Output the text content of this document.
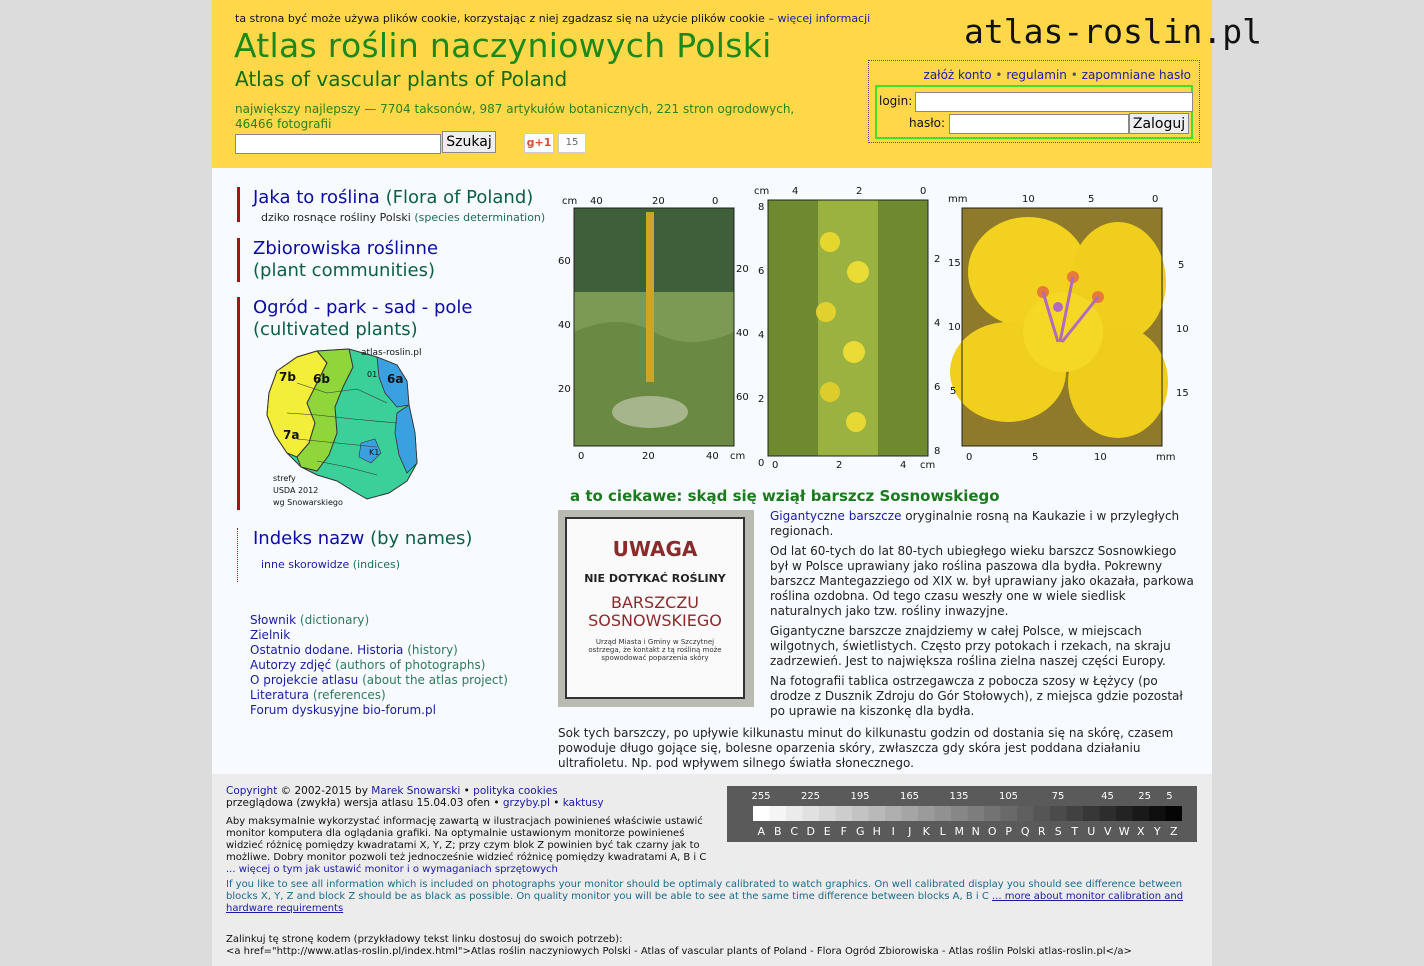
ta strona być może używa plików cookie, korzystając z niej zgadzasz się na użycie plików cookie – więcej informacji
Atlas roślin naczyniowych Polski
Atlas of vascular plants of Poland
największy najlepszy — 7704 taksonów, 987 artykułów botanicznych, 221 stron ogrodowych, 46466 fotografii
Szukaj	g+1	15
atlas-roslin.pl
załóż konto • regulamin • zapomniane hasło
login:
hasło:	Zaloguj
Jaka to roślina (Flora of Poland)
dziko rosnące rośliny Polski (species determination)
Zbiorowiska roślinne
(plant communities)
Ogród - park - sad - pole
(cultivated plants)
atlas-roslin.pl
7b 6b	6a
7a
01
K1
strefy
USDA 2012
wg Snowarskiego
Indeks nazw (by names)
inne skorowidze (indices)
Słownik (dictionary)
Zielnik
Ostatnio dodane. Historia (history)
Autorzy zdjęć (authors of photographs)
O projekcie atlasu (about the atlas project)
Literatura (references)
Forum dyskusyjne bio-forum.pl
cm 40	20	0
60
40
20
20
40
60
0	20	40 cm
cm 4	2	0
8
6
4
2
0
2
4
6
8
0	2	4 cm
mm	10	5	0
15
10
5
5
10
15
0	5	10	mm
a to ciekawe: skąd się wziął barszcz Sosnowskiego
UWAGA
NIE DOTYKAĆ ROŚLINY
BARSZCZU
SOSNOWSKIEGO
Urząd Miasta i Gminy w Szczytnej ostrzega, że kontakt z tą rośliną może spowodować poparzenia skóry

Gigantyczne barszcze oryginalnie rosną na Kaukazie i w przyległych regionach.

Od lat 60-tych do lat 80-tych ubiegłego wieku barszcz Sosnowkiego był w Polsce uprawiany jako roślina paszowa dla bydła. Pokrewny barszcz Mantegazziego od XIX w. był uprawiany jako okazała, parkowa roślina ozdobna. Od tego czasu weszły one w wiele siedlisk naturalnych jako tzw. rośliny inwazyjne.

Gigantyczne barszcze znajdziemy w całej Polsce, w miejscach wilgotnych, świetlistych. Często przy potokach i rzekach, na skraju zadrzewień. Jest to największa roślina zielna naszej części Europy.

Na fotografii tablica ostrzegawcza z pobocza szosy w Łężycy (po drodze z Dusznik Zdroju do Gór Stołowych), z miejsca gdzie pozostał po uprawie na kiszonkę dla bydła.

Sok tych barszczy, po upływie kilkunastu minut do kilkunastu godzin od dostania się na skórę, czasem powoduje długo gojące się, bolesne oparzenia skóry, zwłaszcza gdy skóra jest poddana działaniu ultrafioletu. Np. pod wpływem silnego światła słonecznego.
Copyright © 2002-2015 by Marek Snowarski • polityka cookies
przeglądowa (zwykła) wersja atlasu 15.04.03 ofen • grzyby.pl • kaktusy
Aby maksymalnie wykorzystać informację zawartą w ilustracjach powinieneś właściwie ustawić monitor komputera dla oglądania grafiki. Na optymalnie ustawionym monitorze powinieneś widzieć różnicę pomiędzy kwadratami X, Y, Z; przy czym blok Z powinien być tak czarny jak to możliwe. Dobry monitor pozwoli też jednocześnie widzieć różnicę pomiędzy kwadratami A, B i C
... więcej o tym jak ustawić monitor i o wymaganiach sprzętowych
A B C D E F G H I J K L M N O P Q R S T U V W X Y Z
255	225	195	165	135	105	75	45 25 5
If you like to see all information which is included on photographs your monitor should be optimaly calibrated to watch graphics. On well calibrated display you should see difference between blocks X, Y, Z and block Z should be as black as possible. On quality monitor you will be able to see at the same time difference between blocks A, B i C ... more about monitor calibration and hardware requirements
Zalinkuj tę stronę kodem (przykładowy tekst linku dostosuj do swoich potrzeb):
<a href="http://www.atlas-roslin.pl/index.html">Atlas roślin naczyniowych Polski - Atlas of vascular plants of Poland - Flora Ogród Zbiorowiska - Atlas roślin Polski atlas-roslin.pl</a>
